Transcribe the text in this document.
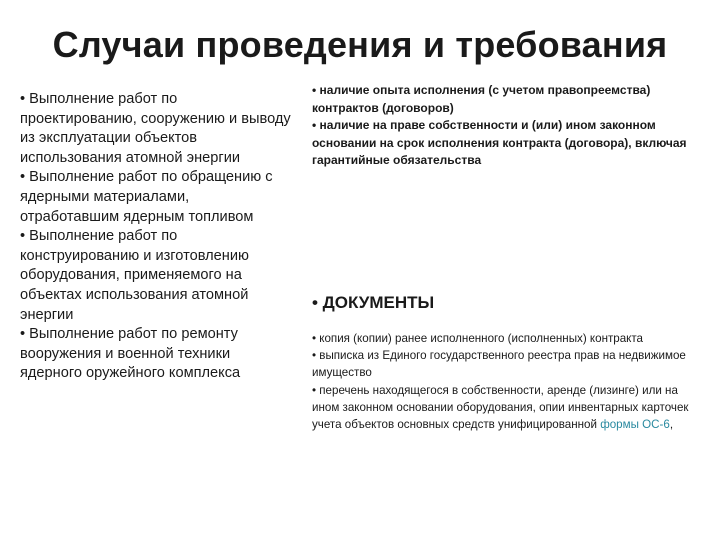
Случаи проведения и требования

• Выполнение работ по проектированию, сооружению и выводу из эксплуатации объектов использования атомной энергии

• Выполнение работ по обращению с ядерными материалами, отработавшим ядерным топливом

• Выполнение работ по конструированию и изготовлению оборудования, применяемого на объектах использования атомной энергии

• Выполнение работ по ремонту вооружения и военной техники ядерного оружейного комплекса

• наличие опыта исполнения (с учетом правопреемства) контрактов (договоров)

• наличие на праве собственности и (или) ином законном основании на срок исполнения контракта (договора), включая гарантийные обязательства

• ДОКУМЕНТЫ

• копия (копии) ранее исполненного (исполненных) контракта

• выписка из Единого государственного реестра прав на недвижимое имущество

• перечень находящегося в собственности, аренде (лизинге) или на ином законном основании оборудования, опии инвентарных карточек учета объектов основных средств унифицированной формы ОС-6,
